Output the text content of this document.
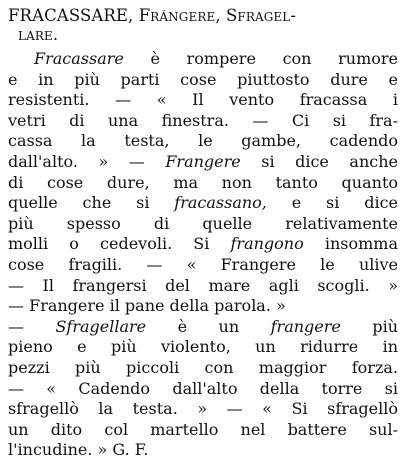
FRACASSARE, Frángere, Sfragel-
lare.
Fracassare è rompere con rumore
e in più parti cose piuttosto dure e
resistenti. — « Il vento fracassa i
vetri di una finestra. — Ci si fra-
cassa la testa, le gambe, cadendo
dall'alto. » — Frangere si dice anche
di cose dure, ma non tanto quanto
quelle che si fracassano, e si dice
più spesso di quelle relativamente
molli o cedevoli. Si frangono insomma
cose fragili. — « Frangere le ulive
— Il frangersi del mare agli scogli. »
— Frangere il pane della parola. »
— Sfragellare è un frangere più
pieno e più violento, un ridurre in
pezzi più piccoli con maggior forza.
— « Cadendo dall'alto della torre si
sfragellò la testa. » — « Si sfragellò
un dito col martello nel battere sul-
l'incudine. » G. F.
